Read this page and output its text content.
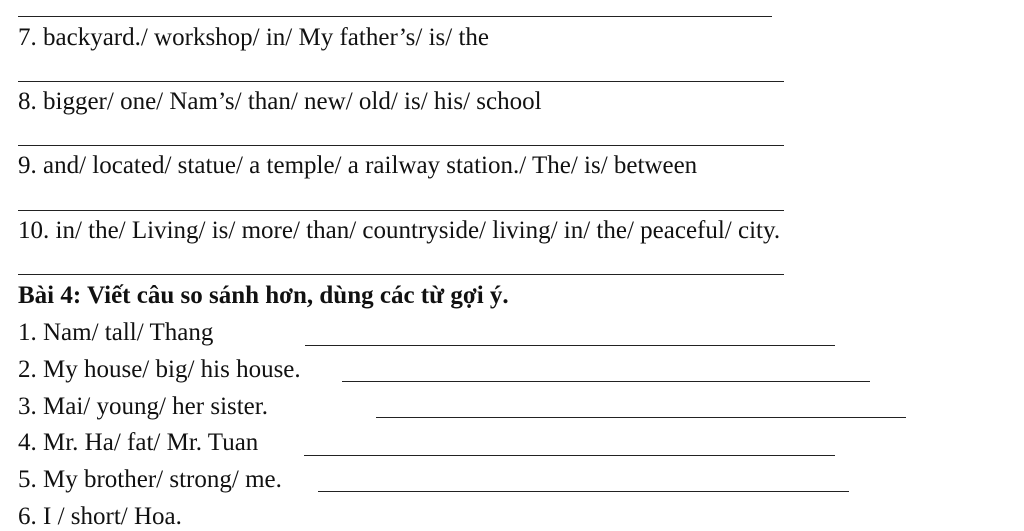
7. backyard./ workshop/ in/ My father’s/ is/ the
8. bigger/ one/ Nam’s/ than/ new/ old/ is/ his/ school
9. and/ located/ statue/ a temple/ a railway station./ The/ is/ between
10. in/ the/ Living/ is/ more/ than/ countryside/ living/ in/ the/ peaceful/ city.
Bài 4: Viết câu so sánh hơn, dùng các từ gợi ý.
1. Nam/ tall/ Thang
2. My house/ big/ his house.
3. Mai/ young/ her sister.
4. Mr. Ha/ fat/ Mr. Tuan
5. My brother/ strong/ me.
6. I / short/ Hoa.
